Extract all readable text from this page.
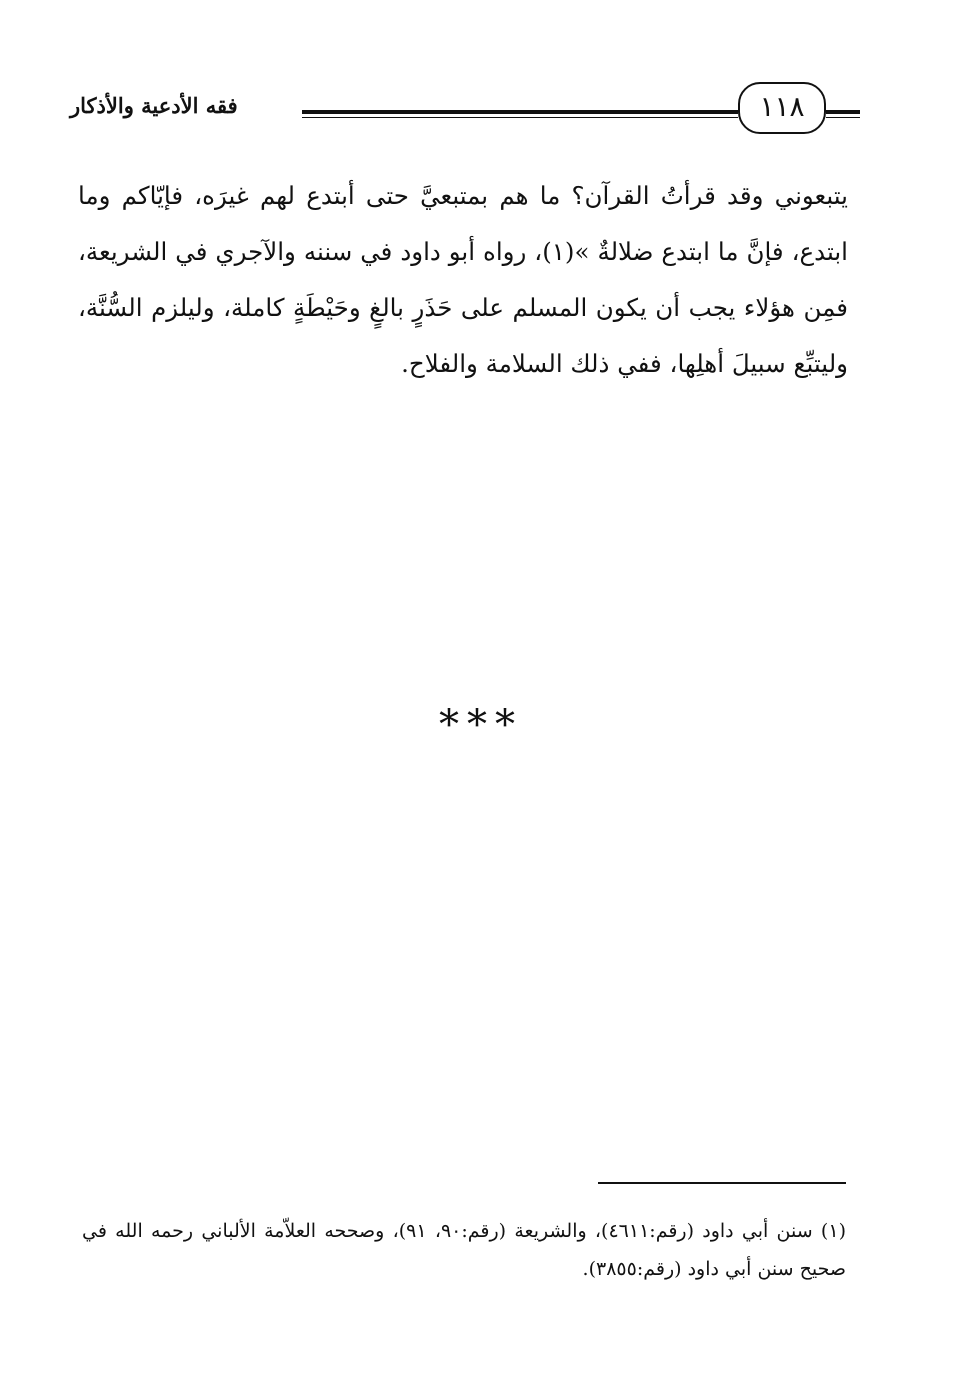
فقه الأدعية والأذكار	١١٨

يتبعوني وقد قرأتُ القرآن؟ ما هم بمتبعيَّ حتى أبتدع لهم غيرَه، فإيّاكم وما ابتدع، فإنَّ ما ابتدع ضلالةٌ »(١)، رواه أبو داود في سننه والآجري في الشريعة، فمِن هؤلاء يجب أن يكون المسلم على حَذَرٍ بالغٍ وحَيْطَةٍ كاملة، وليلزم السُّنَّة، وليتبِّع سبيلَ أهلِها، ففي ذلك السلامة والفلاح.

***

(١) سنن أبي داود (رقم:٤٦١١)، والشريعة (رقم:٩٠، ٩١)، وصححه العلاّمة الألباني رحمه الله في صحيح سنن أبي داود (رقم:٣٨٥٥).
